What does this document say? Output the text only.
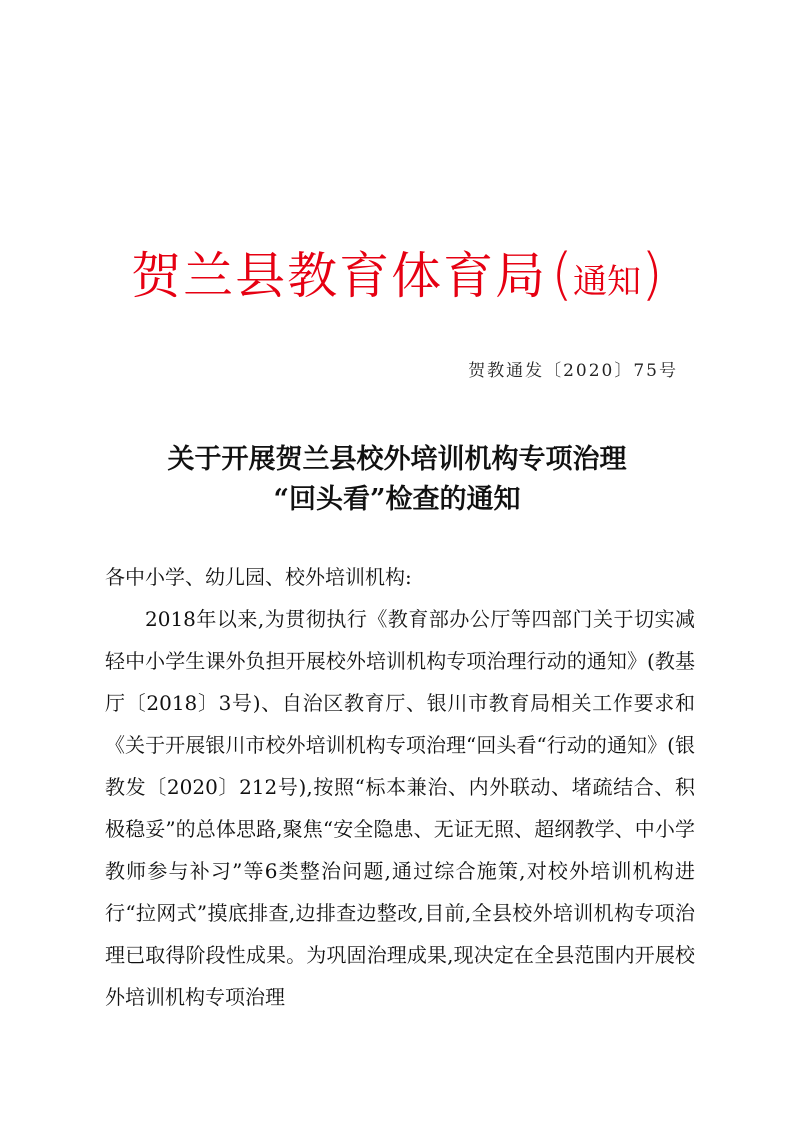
贺兰县教育体育局 (通知)
贺教通发〔2020〕75号
关于开展贺兰县校外培训机构专项治理
“回头看”检查的通知

各中小学、幼儿园、校外培训机构:

2018年以来,为贯彻执行《教育部办公厅等四部门关于切实减轻中小学生课外负担开展校外培训机构专项治理行动的通知》(教基厅〔2018〕3号)、自治区教育厅、银川市教育局相关工作要求和《关于开展银川市校外培训机构专项治理“回头看“行动的通知》(银教发〔2020〕212号),按照“标本兼治、内外联动、堵疏结合、积极稳妥”的总体思路,聚焦“安全隐患、无证无照、超纲教学、中小学教师参与补习”等6类整治问题,通过综合施策,对校外培训机构进行“拉网式”摸底排查,边排查边整改,目前,全县校外培训机构专项治理已取得阶段性成果。为巩固治理成果,现决定在全县范围内开展校外培训机构专项治理
